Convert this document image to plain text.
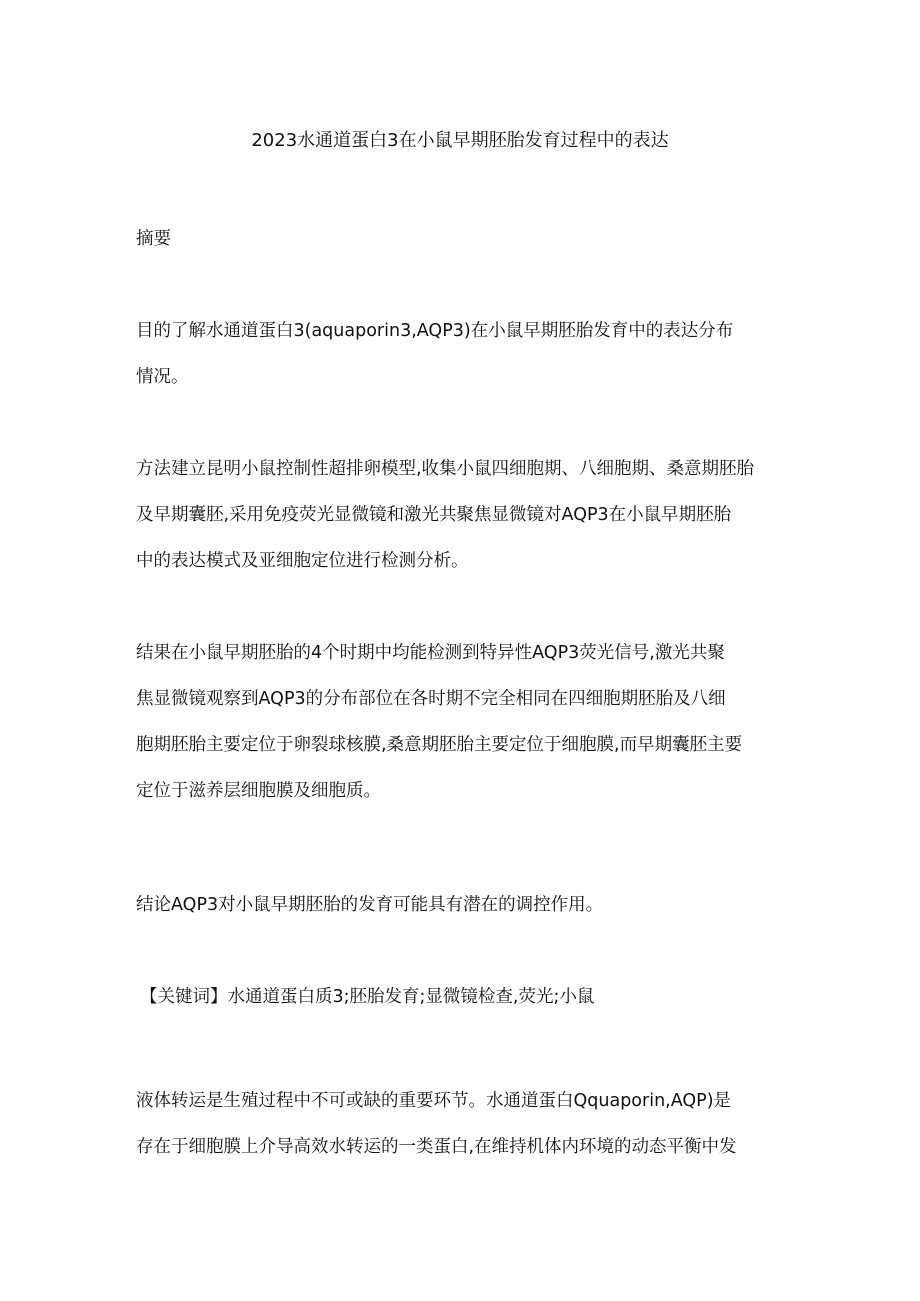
2023水通道蛋白3在小鼠早期胚胎发育过程中的表达

摘要

目的了解水通道蛋白3(aquaporin3,AQP3)在小鼠早期胚胎发育中的表达分布
情况。

方法建立昆明小鼠控制性超排卵模型,收集小鼠四细胞期、八细胞期、桑意期胚胎
及早期囊胚,采用免疫荧光显微镜和激光共聚焦显微镜对AQP3在小鼠早期胚胎
中的表达模式及亚细胞定位进行检测分析。

结果在小鼠早期胚胎的4个时期中均能检测到特异性AQP3荧光信号,激光共聚
焦显微镜观察到AQP3的分布部位在各时期不完全相同在四细胞期胚胎及八细
胞期胚胎主要定位于卵裂球核膜,桑意期胚胎主要定位于细胞膜,而早期囊胚主要
定位于滋养层细胞膜及细胞质。

结论AQP3对小鼠早期胚胎的发育可能具有潜在的调控作用。

【关键词】水通道蛋白质3;胚胎发育;显微镜检查,荧光;小鼠

液体转运是生殖过程中不可或缺的重要环节。水通道蛋白Qquaporin,AQP)是
存在于细胞膜上介导高效水转运的一类蛋白,在维持机体内环境的动态平衡中发
